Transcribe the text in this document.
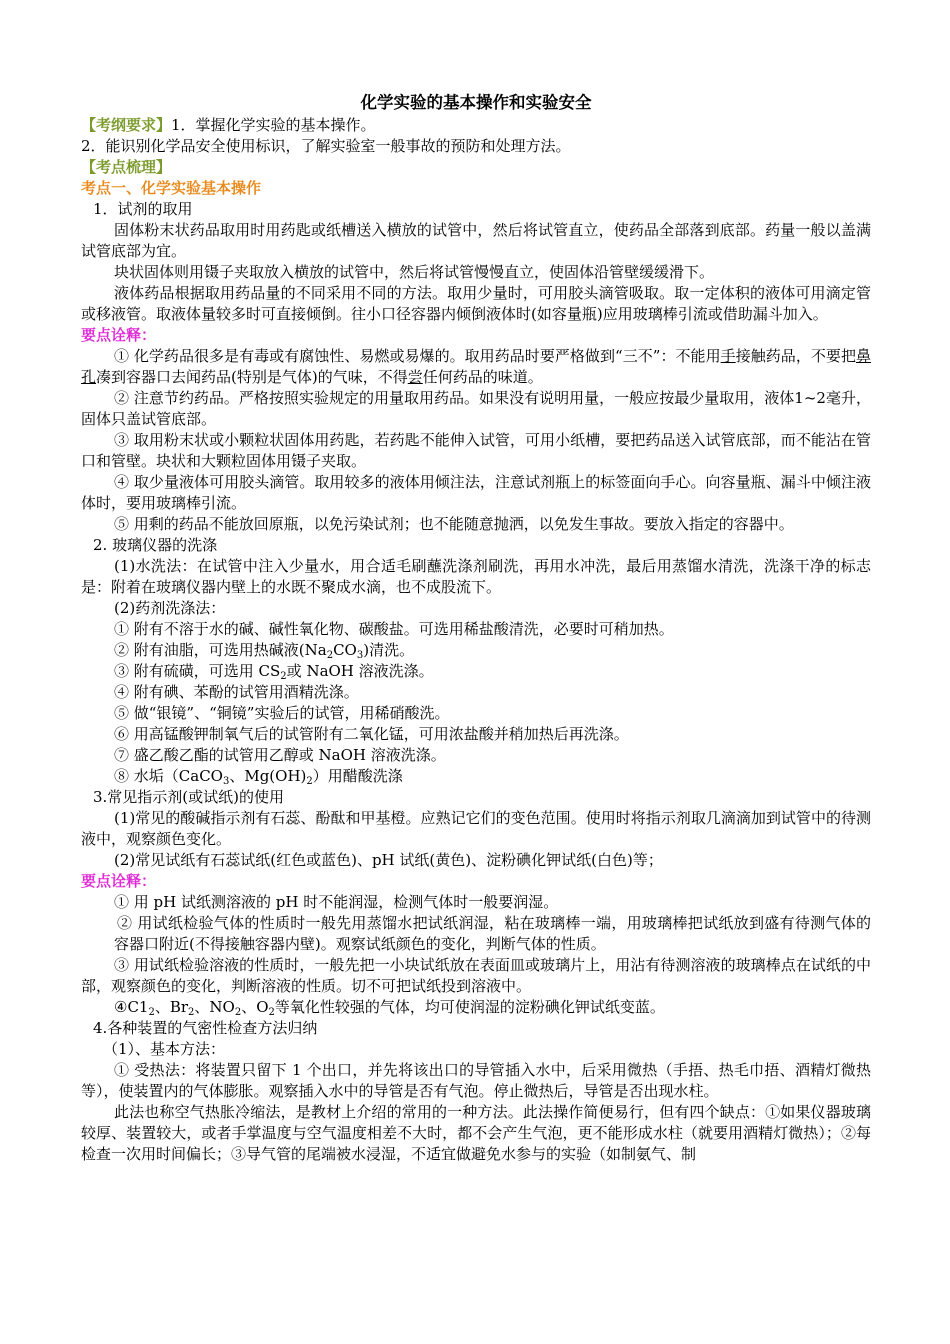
化学实验的基本操作和实验安全

【考纲要求】1．掌握化学实验的基本操作。

2．能识别化学品安全使用标识，了解实验室一般事故的预防和处理方法。

【考点梳理】

考点一、化学实验基本操作

1．试剂的取用

固体粉末状药品取用时用药匙或纸槽送入横放的试管中，然后将试管直立，使药品全部落到底部。药量一般以盖满试管底部为宜。

块状固体则用镊子夹取放入横放的试管中，然后将试管慢慢直立，使固体沿管壁缓缓滑下。

液体药品根据取用药品量的不同采用不同的方法。取用少量时，可用胶头滴管吸取。取一定体积的液体可用滴定管或移液管。取液体量较多时可直接倾倒。往小口径容器内倾倒液体时(如容量瓶)应用玻璃棒引流或借助漏斗加入。

要点诠释：

① 化学药品很多是有毒或有腐蚀性、易燃或易爆的。取用药品时要严格做到“三不”：不能用手接触药品，不要把鼻孔凑到容器口去闻药品(特别是气体)的气味，不得尝任何药品的味道。

② 注意节约药品。严格按照实验规定的用量取用药品。如果没有说明用量，一般应按最少量取用，液体1~2毫升，固体只盖试管底部。

③ 取用粉末状或小颗粒状固体用药匙，若药匙不能伸入试管，可用小纸槽，要把药品送入试管底部，而不能沾在管口和管壁。块状和大颗粒固体用镊子夹取。

④ 取少量液体可用胶头滴管。取用较多的液体用倾注法，注意试剂瓶上的标签面向手心。向容量瓶、漏斗中倾注液体时，要用玻璃棒引流。

⑤ 用剩的药品不能放回原瓶，以免污染试剂；也不能随意抛洒，以免发生事故。要放入指定的容器中。

2. 玻璃仪器的洗涤

(1)水洗法：在试管中注入少量水，用合适毛刷蘸洗涤剂刷洗，再用水冲洗，最后用蒸馏水清洗，洗涤干净的标志是：附着在玻璃仪器内壁上的水既不聚成水滴，也不成股流下。

(2)药剂洗涤法：

① 附有不溶于水的碱、碱性氧化物、碳酸盐。可选用稀盐酸清洗，必要时可稍加热。

② 附有油脂，可选用热碱液$(Na_2CO_3)$清洗。

③ 附有硫磺，可选用 $CS_2$或 NaOH 溶液洗涤。

④ 附有碘、苯酚的试管用酒精洗涤。

⑤ 做“银镜”、“铜镜”实验后的试管，用稀硝酸洗。

⑥ 用高锰酸钾制氧气后的试管附有二氧化锰，可用浓盐酸并稍加热后再洗涤。

⑦ 盛乙酸乙酯的试管用乙醇或 NaOH 溶液洗涤。

⑧ 水垢（CaCO$_3$、$Mg(OH)_2$）用醋酸洗涤

3.常见指示剂(或试纸)的使用

(1)常见的酸碱指示剂有石蕊、酚酞和甲基橙。应熟记它们的变色范围。使用时将指示剂取几滴滴加到试管中的待测液中，观察颜色变化。

(2)常见试纸有石蕊试纸(红色或蓝色)、pH 试纸(黄色)、淀粉碘化钾试纸(白色)等；

要点诠释：

① 用 pH 试纸测溶液的 pH 时不能润湿，检测气体时一般要润湿。

② 用试纸检验气体的性质时一般先用蒸馏水把试纸润湿，粘在玻璃棒一端，用玻璃棒把试纸放到盛有待测气体的容器口附近(不得接触容器内壁)。观察试纸颜色的变化，判断气体的性质。

③ 用试纸检验溶液的性质时，一般先把一小块试纸放在表面皿或玻璃片上，用沾有待测溶液的玻璃棒点在试纸的中部，观察颜色的变化，判断溶液的性质。切不可把试纸投到溶液中。

$④C1_2$、$Br_2$、$NO_2$、$O_2$等氧化性较强的气体，均可使润湿的淀粉碘化钾试纸变蓝。

4.各种装置的气密性检查方法归纳

（1）、基本方法：

① 受热法：将装置只留下 1 个出口，并先将该出口的导管插入水中，后采用微热（手捂、热毛巾捂、酒精灯微热等），使装置内的气体膨胀。观察插入水中的导管是否有气泡。停止微热后，导管是否出现水柱。

此法也称空气热胀冷缩法，是教材上介绍的常用的一种方法。此法操作简便易行，但有四个缺点：①如果仪器玻璃较厚、装置较大，或者手掌温度与空气温度相差不大时，都不会产生气泡，更不能形成水柱（就要用酒精灯微热）；②每检查一次用时间偏长；③导气管的尾端被水浸湿，不适宜做避免水参与的实验（如制氨气、制
